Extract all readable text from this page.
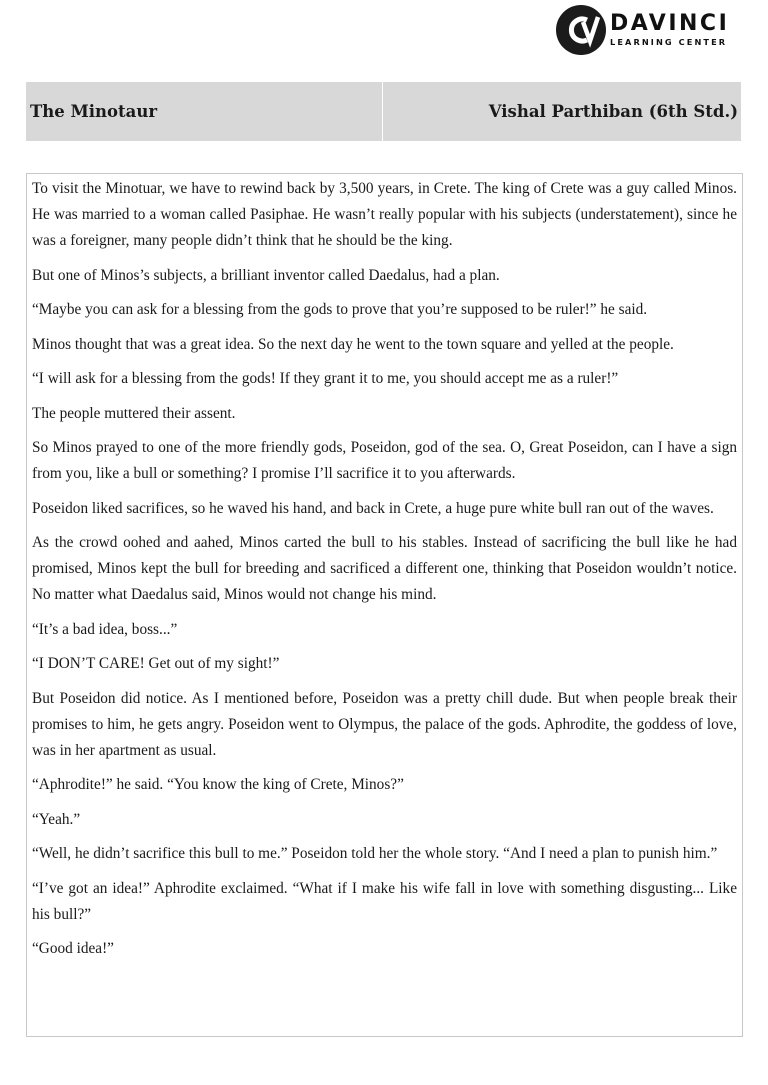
DAVINCI
LEARNING CENTER
The Minotaur	Vishal Parthiban (6th Std.)

To visit the Minotuar, we have to rewind back by 3,500 years, in Crete. The king of Crete was a guy called Minos. He was married to a woman called Pasiphae. He wasn’t really popular with his subjects (understatement), since he was a foreigner, many people didn’t think that he should be the king.

But one of Minos’s subjects, a brilliant inventor called Daedalus, had a plan.

“Maybe you can ask for a blessing from the gods to prove that you’re supposed to be ruler!” he said.

Minos thought that was a great idea. So the next day he went to the town square and yelled at the people.

“I will ask for a blessing from the gods! If they grant it to me, you should accept me as a ruler!”

The people muttered their assent.

So Minos prayed to one of the more friendly gods, Poseidon, god of the sea. O, Great Poseidon, can I have a sign from you, like a bull or something? I promise I’ll sacrifice it to you afterwards.

Poseidon liked sacrifices, so he waved his hand, and back in Crete, a huge pure white bull ran out of the waves.

As the crowd oohed and aahed, Minos carted the bull to his stables. Instead of sacrificing the bull like he had promised, Minos kept the bull for breeding and sacrificed a different one, thinking that Poseidon wouldn’t notice. No matter what Daedalus said, Minos would not change his mind.

“It’s a bad idea, boss...”

“I DON’T CARE! Get out of my sight!”

But Poseidon did notice. As I mentioned before, Poseidon was a pretty chill dude. But when people break their promises to him, he gets angry. Poseidon went to Olympus, the palace of the gods. Aphrodite, the goddess of love, was in her apartment as usual.

“Aphrodite!” he said. “You know the king of Crete, Minos?”

“Yeah.”

“Well, he didn’t sacrifice this bull to me.” Poseidon told her the whole story. “And I need a plan to punish him.”

“I’ve got an idea!” Aphrodite exclaimed. “What if I make his wife fall in love with something disgusting... Like his bull?”

“Good idea!”
